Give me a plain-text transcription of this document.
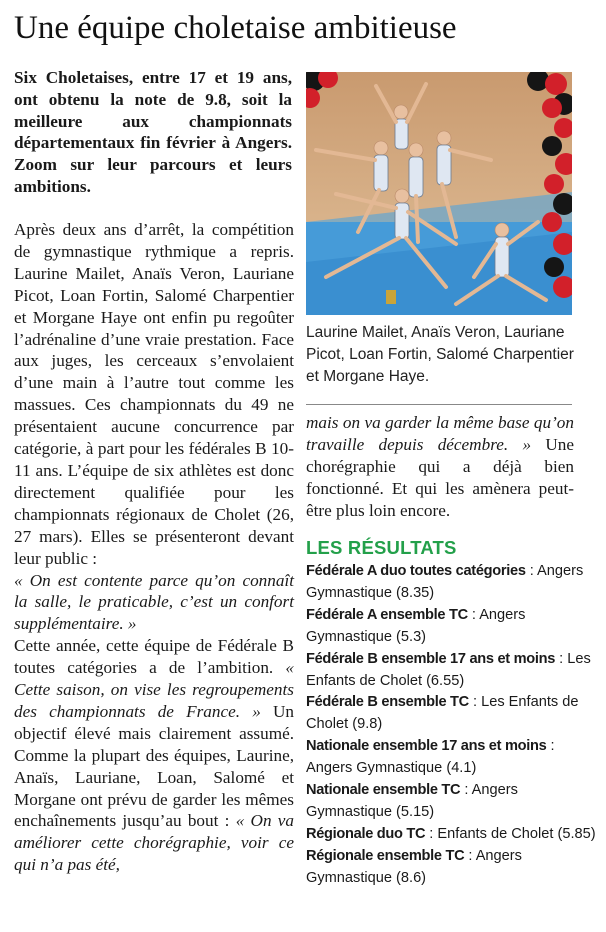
Une équipe choletaise ambitieuse

Six Choletaises, entre 17 et 19 ans, ont obtenu la note de 9.8, soit la meilleure aux championnats départementaux fin février à Angers. Zoom sur leur parcours et leurs ambitions.

Après deux ans d’arrêt, la compétition de gymnastique rythmique a repris. Laurine Mailet, Anaïs Veron, Lauriane Picot, Loan Fortin, Salomé Charpentier et Morgane Haye ont enfin pu regoûter l’adrénaline d’une vraie prestation. Face aux juges, les cerceaux s’envolaient d’une main à l’autre tout comme les massues. Ces championnats du 49 ne présentaient aucune concurrence par catégorie, à part pour les fédérales B 10-11 ans. L’équipe de six athlètes est donc directement qualifiée pour les championnats régionaux de Cholet (26, 27 mars). Elles se présenteront devant leur public :
« On est contente parce qu’on connaît la salle, le praticable, c’est un confort supplémentaire. »

Cette année, cette équipe de Fédérale B toutes catégories a de l’ambition. « Cette saison, on vise les regroupements des championnats de France. » Un objectif élevé mais clairement assumé. Comme la plupart des équipes, Laurine, Anaïs, Lauriane, Loan, Salomé et Morgane ont prévu de garder les mêmes enchaînements jusqu’au bout : « On va améliorer cette chorégraphie, voir ce qui n’a pas été,

Laurine Mailet, Anaïs Veron, Lauriane Picot, Loan Fortin, Salomé Charpentier et Morgane Haye.

mais on va garder la même base qu’on travaille depuis décembre. » Une chorégraphie qui a déjà bien fonctionné. Et qui les amènera peut-être plus loin encore.

LES RÉSULTATS

Fédérale A duo toutes catégories : Angers Gymnastique (8.35)

Fédérale A ensemble TC : Angers Gymnastique (5.3)

Fédérale B ensemble 17 ans et moins : Les Enfants de Cholet (6.55)

Fédérale B ensemble TC : Les Enfants de Cholet (9.8)

Nationale ensemble 17 ans et moins : Angers Gymnastique (4.1)

Nationale ensemble TC : Angers Gymnastique (5.15)

Régionale duo TC : Enfants de Cholet (5.85)

Régionale ensemble TC : Angers Gymnastique (8.6)
